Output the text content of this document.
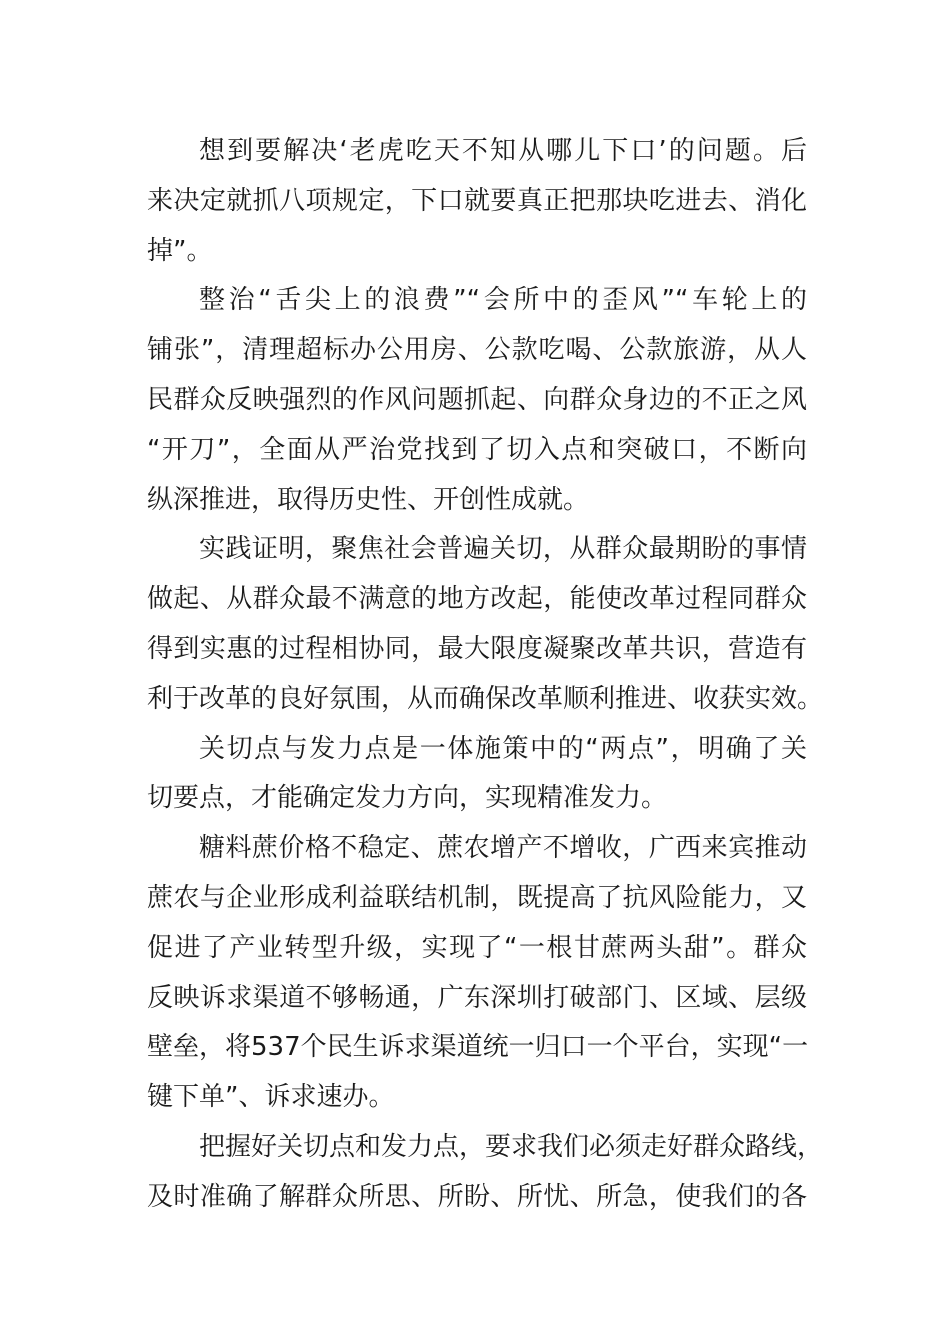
想到要解决‘老虎吃天不知从哪儿下口’的问题。后
来决定就抓八项规定，下口就要真正把那块吃进去、消化
掉”。
整治“舌尖上的浪费”“会所中的歪风”“车轮上的
铺张”，清理超标办公用房、公款吃喝、公款旅游，从人
民群众反映强烈的作风问题抓起、向群众身边的不正之风
“开刀”，全面从严治党找到了切入点和突破口，不断向
纵深推进，取得历史性、开创性成就。
实践证明，聚焦社会普遍关切，从群众最期盼的事情
做起、从群众最不满意的地方改起，能使改革过程同群众
得到实惠的过程相协同，最大限度凝聚改革共识，营造有
利于改革的良好氛围，从而确保改革顺利推进、收获实效。
关切点与发力点是一体施策中的“两点”，明确了关
切要点，才能确定发力方向，实现精准发力。
糖料蔗价格不稳定、蔗农增产不增收，广西来宾推动
蔗农与企业形成利益联结机制，既提高了抗风险能力，又
促进了产业转型升级，实现了“一根甘蔗两头甜”。群众
反映诉求渠道不够畅通，广东深圳打破部门、区域、层级
壁垒，将537个民生诉求渠道统一归口一个平台，实现“一
键下单”、诉求速办。
把握好关切点和发力点，要求我们必须走好群众路线，
及时准确了解群众所思、所盼、所忧、所急，使我们的各
